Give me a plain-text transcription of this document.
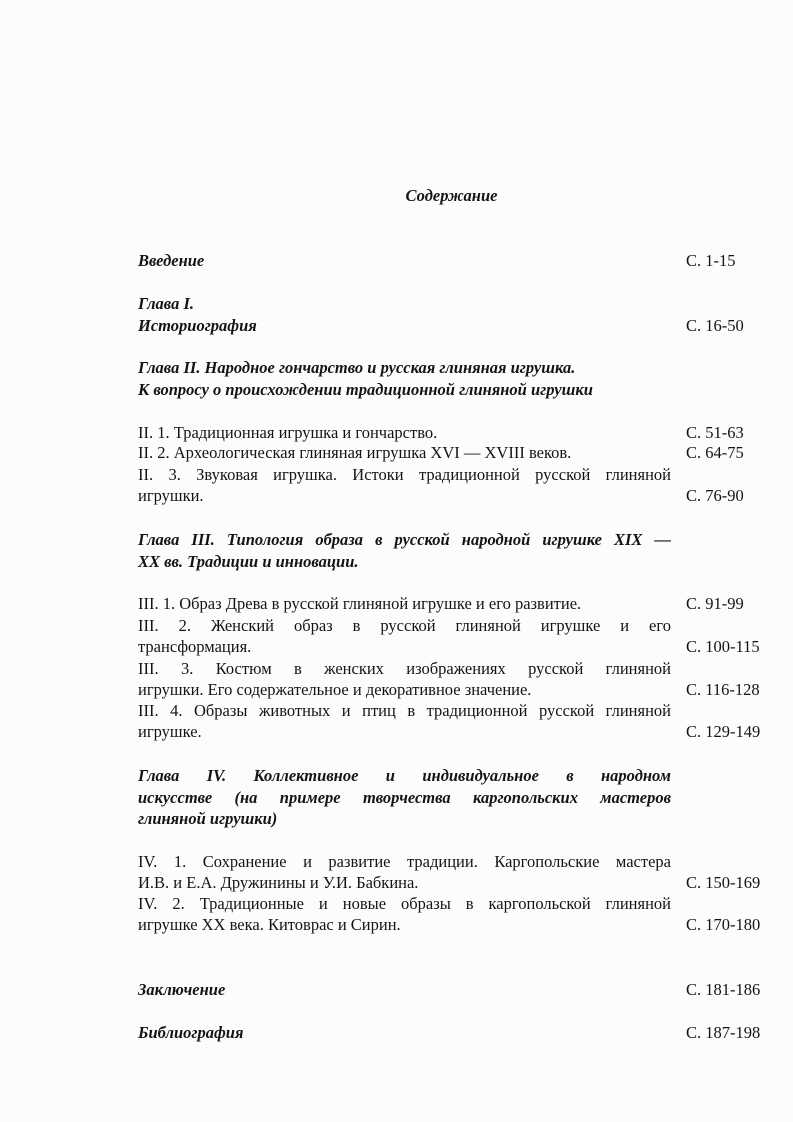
Содержание
Введение	С. 1-15
Глава I.
Историография	С. 16-50
Глава II. Народное гончарство и русская глиняная игрушка.
К вопросу о происхождении традиционной глиняной игрушки
II. 1. Традиционная игрушка и гончарство.	С. 51-63
II. 2. Археологическая глиняная игрушка XVI — XVIII веков.	С. 64-75
II. 3. Звуковая игрушка. Истоки традиционной русской глиняной
игрушки.	С. 76-90
Глава III. Типология образа в русской народной игрушке XIX —
XX вв. Традиции и инновации.
III. 1. Образ Древа в русской глиняной игрушке и его развитие.	С. 91-99
III. 2. Женский образ в русской глиняной игрушке и его
трансформация.	С. 100-115
III. 3. Костюм в женских изображениях русской глиняной
игрушки. Его содержательное и декоративное значение.	С. 116-128
III. 4. Образы животных и птиц в традиционной русской глиняной
игрушке.	С. 129-149
Глава IV. Коллективное и индивидуальное в народном
искусстве (на примере творчества каргопольских мастеров
глиняной игрушки)
IV. 1. Сохранение и развитие традиции. Каргопольские мастера
И.В. и Е.А. Дружинины и У.И. Бабкина.	С. 150-169
IV. 2. Традиционные и новые образы в каргопольской глиняной
игрушке XX века. Китоврас и Сирин.	С. 170-180
Заключение	С. 181-186
Библиография	С. 187-198
